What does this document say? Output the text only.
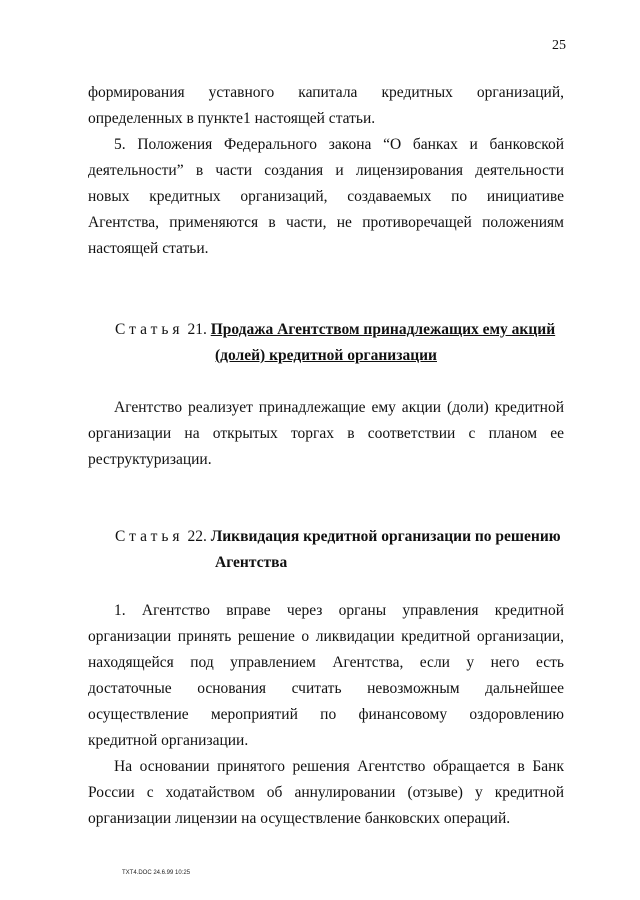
25
формирования уставного капитала кредитных организаций,
определенных в пункте1 настоящей статьи.
5. Положения Федерального закона “О банках и банковской
деятельности” в части создания и лицензирования деятельности
новых кредитных организаций, создаваемых по инициативе
Агентства, применяются в части, не противоречащей положениям
настоящей статьи.
Статья 21. Продажа Агентством принадлежащих ему акций
(долей) кредитной организации
Агентство реализует принадлежащие ему акции (доли) кредитной
организации на открытых торгах в соответствии с планом ее
реструктуризации.
Статья 22. Ликвидация кредитной организации по решению
Агентства
1. Агентство вправе через органы управления кредитной
организации принять решение о ликвидации кредитной организации,
находящейся под управлением Агентства, если у него есть
достаточные основания считать невозможным дальнейшее
осуществление мероприятий по финансовому оздоровлению
кредитной организации.
На основании принятого решения Агентство обращается в Банк
России с ходатайством об аннулировании (отзыве) у кредитной
организации лицензии на осуществление банковских операций.
TXT4.DOC 24.6.99 10:25
